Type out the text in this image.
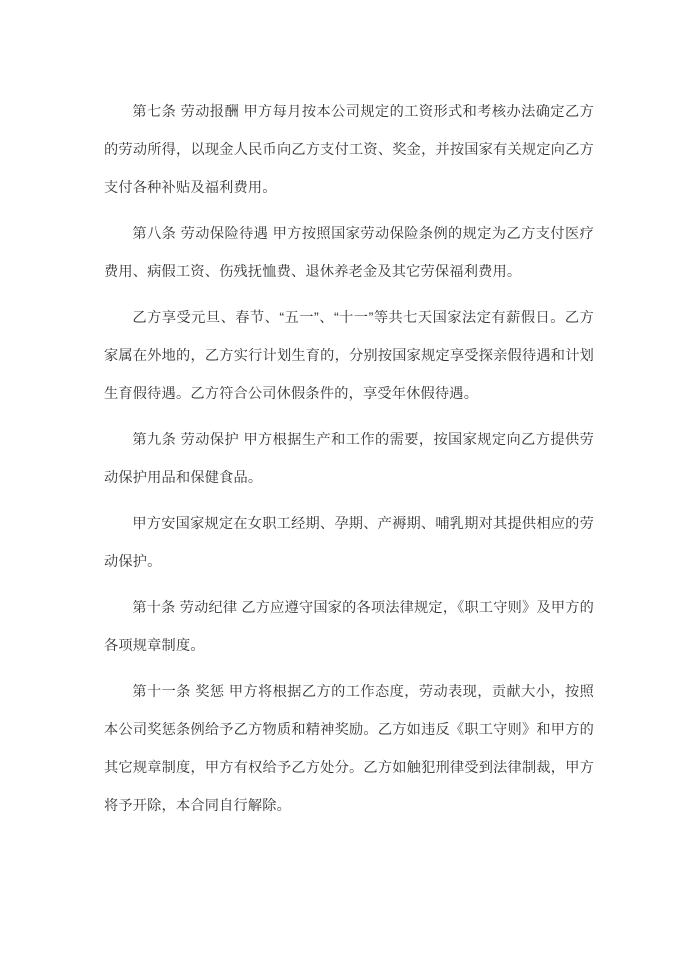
第七条 劳动报酬 甲方每月按本公司规定的工资形式和考核办法确定乙方的劳动所得，以现金人民币向乙方支付工资、奖金，并按国家有关规定向乙方支付各种补贴及福利费用。

第八条 劳动保险待遇 甲方按照国家劳动保险条例的规定为乙方支付医疗费用、病假工资、伤残抚恤费、退休养老金及其它劳保福利费用。

乙方享受元旦、春节、“五一”、“十一”等共七天国家法定有薪假日。乙方家属在外地的，乙方实行计划生育的，分别按国家规定享受探亲假待遇和计划生育假待遇。乙方符合公司休假条件的，享受年休假待遇。

第九条 劳动保护 甲方根据生产和工作的需要，按国家规定向乙方提供劳动保护用品和保健食品。

甲方安国家规定在女职工经期、孕期、产褥期、哺乳期对其提供相应的劳动保护。

第十条 劳动纪律 乙方应遵守国家的各项法律规定，《职工守则》及甲方的各项规章制度。

第十一条 奖惩 甲方将根据乙方的工作态度，劳动表现，贡献大小，按照本公司奖惩条例给予乙方物质和精神奖励。乙方如违反《职工守则》和甲方的其它规章制度，甲方有权给予乙方处分。乙方如触犯刑律受到法律制裁，甲方将予开除，本合同自行解除。
